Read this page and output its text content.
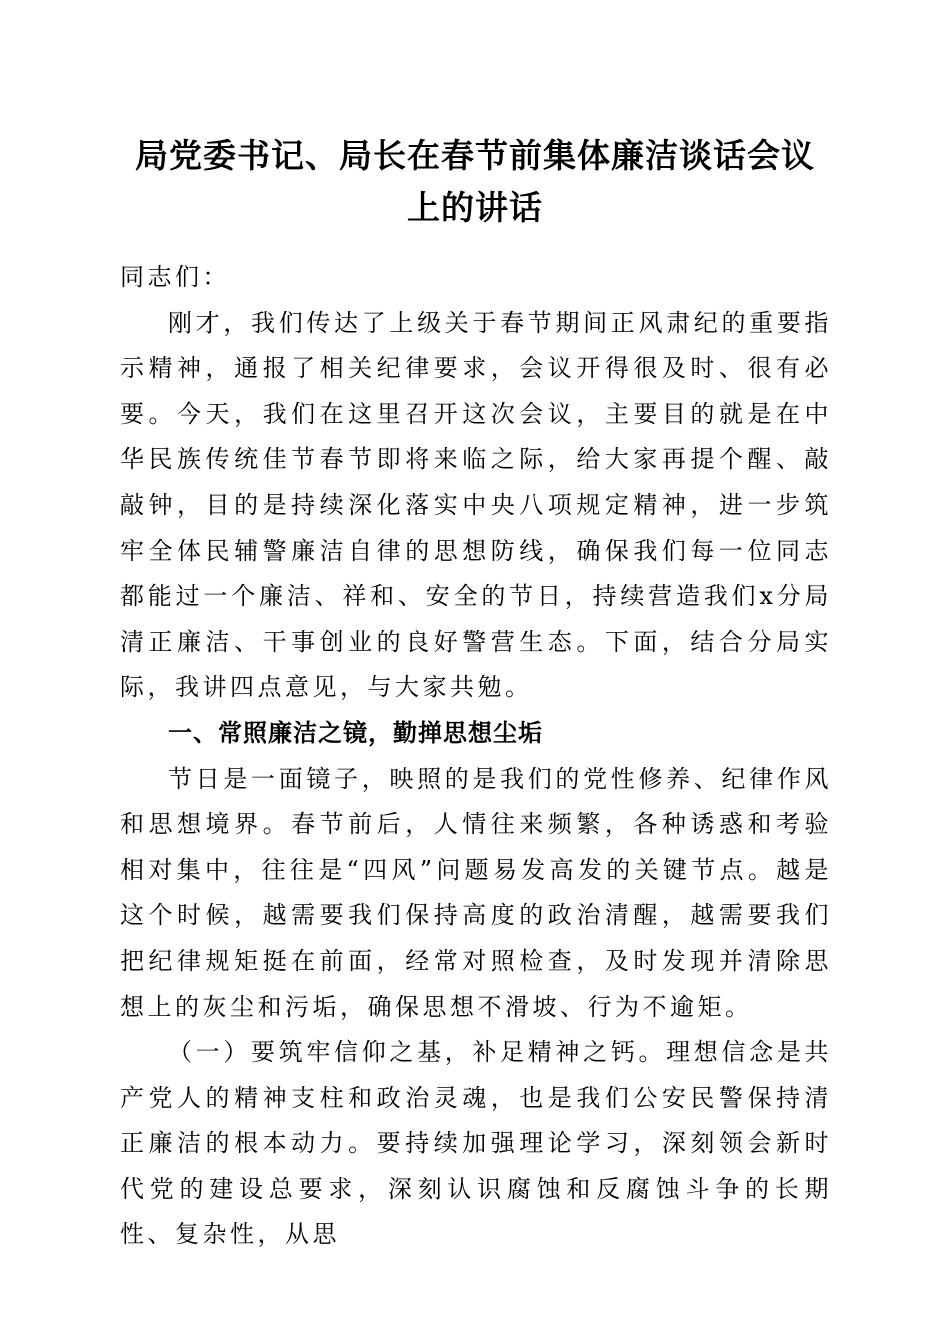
局党委书记、局长在春节前集体廉洁谈话会议
上的讲话

同志们：

刚才，我们传达了上级关于春节期间正风肃纪的重要指示精神，通报了相关纪律要求，会议开得很及时、很有必要。今天，我们在这里召开这次会议，主要目的就是在中华民族传统佳节春节即将来临之际，给大家再提个醒、敲敲钟，目的是持续深化落实中央八项规定精神，进一步筑牢全体民辅警廉洁自律的思想防线，确保我们每一位同志都能过一个廉洁、祥和、安全的节日，持续营造我们x分局清正廉洁、干事创业的良好警营生态。下面，结合分局实际，我讲四点意见，与大家共勉。

一、常照廉洁之镜，勤掸思想尘垢

节日是一面镜子，映照的是我们的党性修养、纪律作风和思想境界。春节前后，人情往来频繁，各种诱惑和考验相对集中，往往是“四风”问题易发高发的关键节点。越是这个时候，越需要我们保持高度的政治清醒，越需要我们把纪律规矩挺在前面，经常对照检查，及时发现并清除思想上的灰尘和污垢，确保思想不滑坡、行为不逾矩。

（一）要筑牢信仰之基，补足精神之钙。理想信念是共产党人的精神支柱和政治灵魂，也是我们公安民警保持清正廉洁的根本动力。要持续加强理论学习，深刻领会新时代党的建设总要求，深刻认识腐蚀和反腐蚀斗争的长期性、复杂性，从思
